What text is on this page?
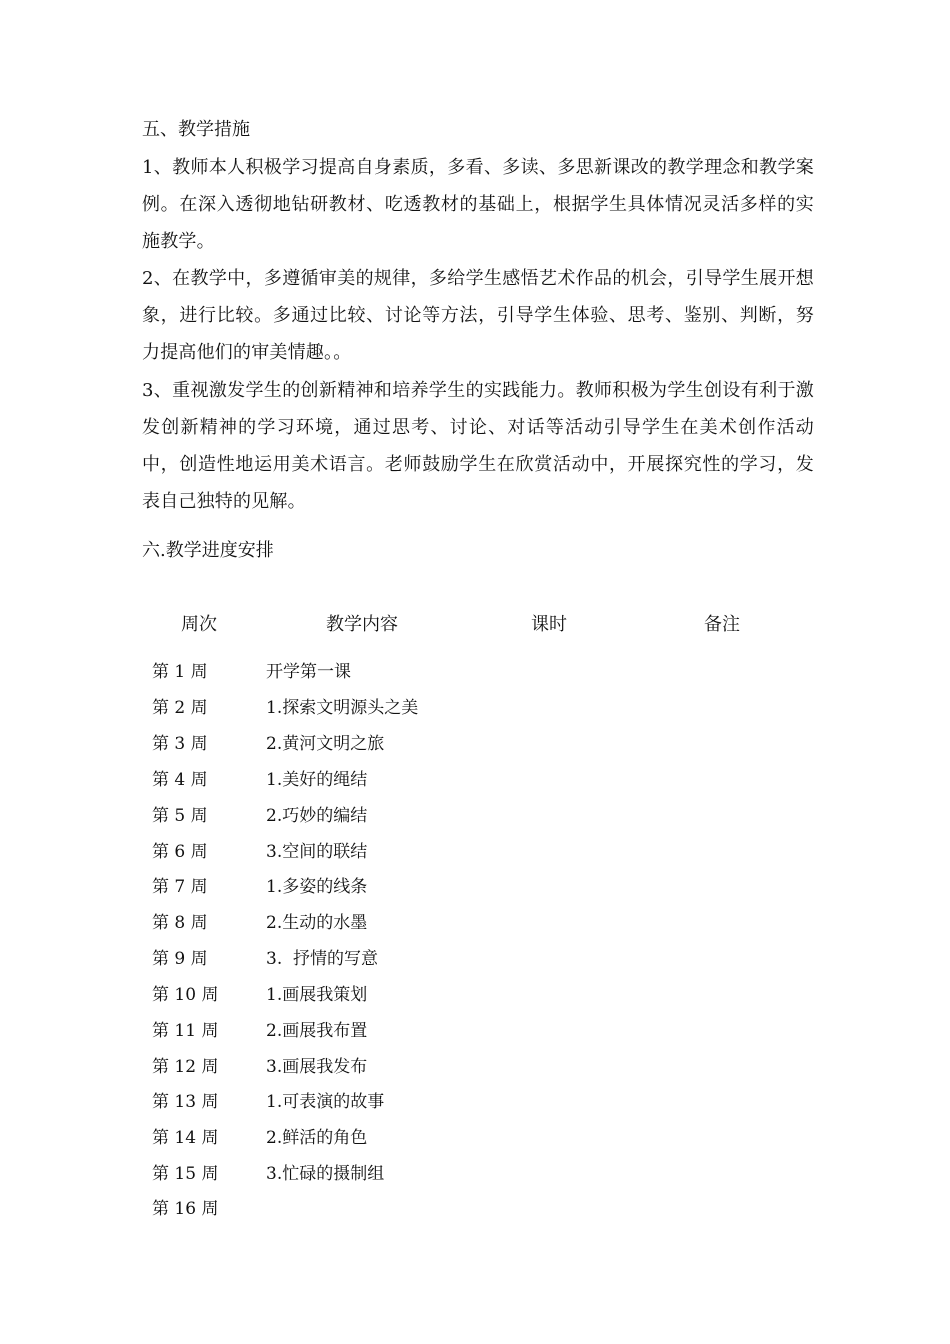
五、教学措施

1、教师本人积极学习提高自身素质，多看、多读、多思新课改的教学理念和教学案例。在深入透彻地钻研教材、吃透教材的基础上，根据学生具体情况灵活多样的实施教学。

2、在教学中，多遵循审美的规律，多给学生感悟艺术作品的机会，引导学生展开想象，进行比较。多通过比较、讨论等方法，引导学生体验、思考、鉴别、判断，努力提高他们的审美情趣。。

3、重视激发学生的创新精神和培养学生的实践能力。教师积极为学生创设有利于激发创新精神的学习环境，通过思考、讨论、对话等活动引导学生在美术创作活动中，创造性地运用美术语言。老师鼓励学生在欣赏活动中，开展探究性的学习，发表自己独特的见解。

六.教学进度安排

周次	教学内容	课时	备注
第 1 周	开学第一课
第 2 周	1.探索文明源头之美
第 3 周	2.黄河文明之旅
第 4 周	1.美好的绳结
第 5 周	2.巧妙的编结
第 6 周	3.空间的联结
第 7 周	1.多姿的线条
第 8 周	2.生动的水墨
第 9 周	3.  抒情的写意
第 10 周	1.画展我策划
第 11 周	2.画展我布置
第 12 周	3.画展我发布
第 13 周	1.可表演的故事
第 14 周	2.鲜活的角色
第 15 周	3.忙碌的摄制组
第 16 周
